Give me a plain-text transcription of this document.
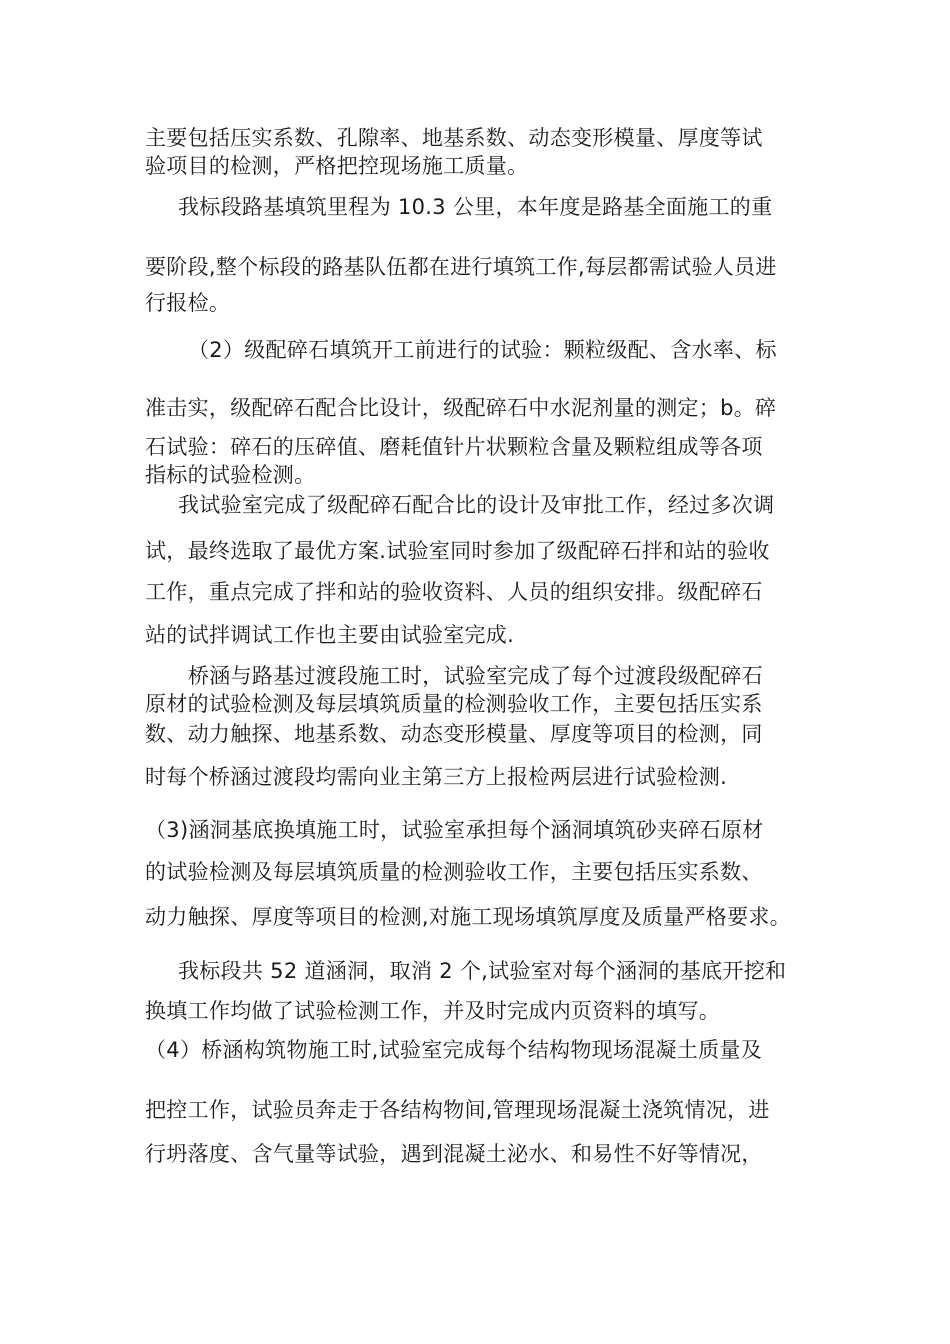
主要包括压实系数、孔隙率、地基系数、动态变形模量、厚度等试
验项目的检测，严格把控现场施工质量。
我标段路基填筑里程为 10.3 公里，本年度是路基全面施工的重
要阶段,整个标段的路基队伍都在进行填筑工作,每层都需试验人员进
行报检。
（2）级配碎石填筑开工前进行的试验：颗粒级配、含水率、标
准击实，级配碎石配合比设计，级配碎石中水泥剂量的测定；b。碎
石试验：碎石的压碎值、磨耗值针片状颗粒含量及颗粒组成等各项
指标的试验检测。
我试验室完成了级配碎石配合比的设计及审批工作，经过多次调
试，最终选取了最优方案.试验室同时参加了级配碎石拌和站的验收
工作，重点完成了拌和站的验收资料、人员的组织安排。级配碎石
站的试拌调试工作也主要由试验室完成.
桥涵与路基过渡段施工时，试验室完成了每个过渡段级配碎石
原材的试验检测及每层填筑质量的检测验收工作，主要包括压实系
数、动力触探、地基系数、动态变形模量、厚度等项目的检测，同
时每个桥涵过渡段均需向业主第三方上报检两层进行试验检测.
（3)涵洞基底换填施工时，试验室承担每个涵洞填筑砂夹碎石原材
的试验检测及每层填筑质量的检测验收工作，主要包括压实系数、
动力触探、厚度等项目的检测,对施工现场填筑厚度及质量严格要求。
我标段共 52 道涵洞，取消 2 个,试验室对每个涵洞的基底开挖和
换填工作均做了试验检测工作，并及时完成内页资料的填写。
（4）桥涵构筑物施工时,试验室完成每个结构物现场混凝土质量及
把控工作，试验员奔走于各结构物间,管理现场混凝土浇筑情况，进
行坍落度、含气量等试验，遇到混凝土泌水、和易性不好等情况，
